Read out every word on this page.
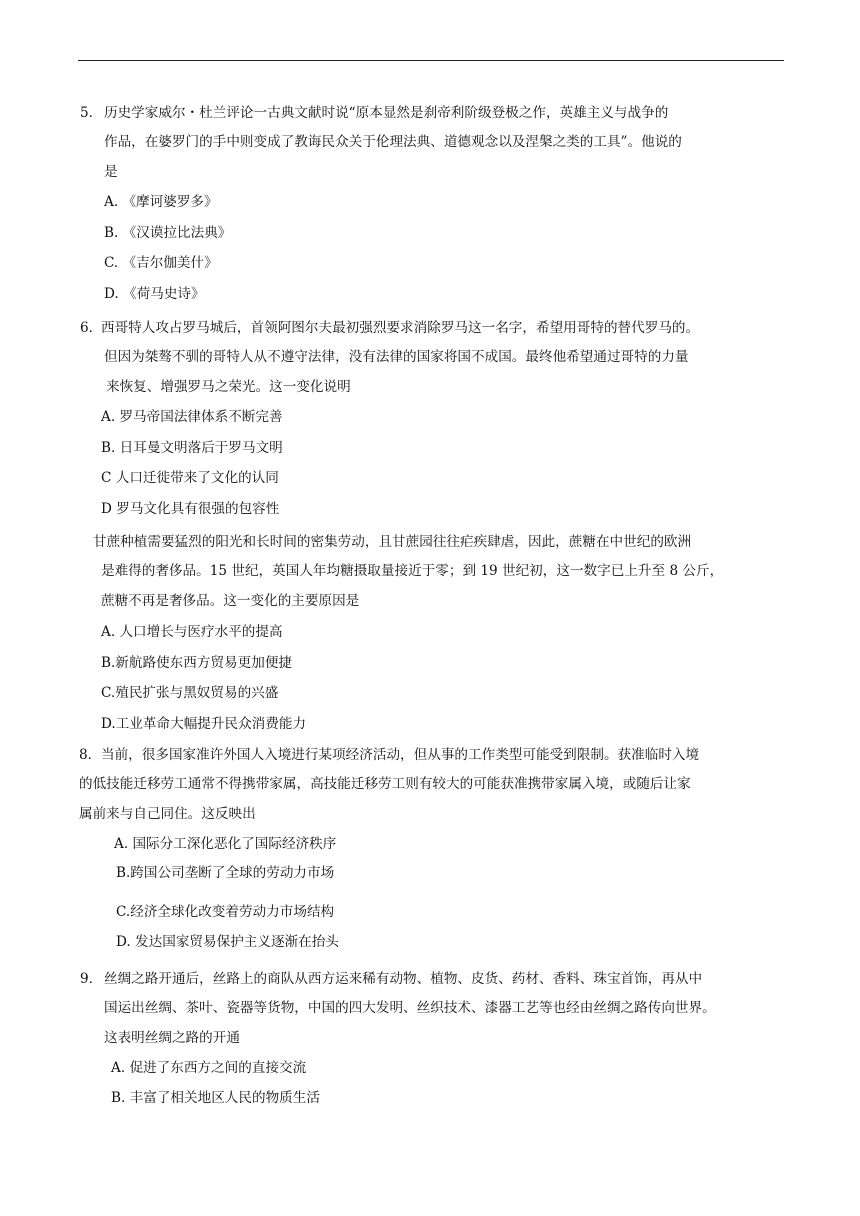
5． 历史学家威尔・杜兰评论一古典文献时说“原本显然是刹帝利阶级登极之作，英雄主义与战争的
作品，在婆罗门的手中则变成了教诲民众关于伦理法典、道德观念以及涅槃之类的工具”。他说的
是
A. 《摩诃婆罗多》
B. 《汉谟拉比法典》
C. 《吉尔伽美什》
D. 《荷马史诗》
6．
西哥特人攻占罗马城后，首领阿图尔夫最初强烈要求消除罗马这一名字，希望用哥特的替代罗马的。
但因为桀骜不驯的哥特人从不遵守法律，没有法律的国家将国不成国。最终他希望通过哥特的力量
来恢复、增强罗马之荣光。这一变化说明
A. 罗马帝国法律体系不断完善
B. 日耳曼文明落后于罗马文明
C 人口迁徙带来了文化的认同
D 罗马文化具有很强的包容性
甘蔗种植需要猛烈的阳光和长时间的密集劳动，且甘蔗园往往疟疾肆虐，因此，蔗糖在中世纪的欧洲
是难得的奢侈品。15 世纪，英国人年均糖摄取量接近于零；到 19 世纪初，这一数字已上升至 8 公斤，
蔗糖不再是奢侈品。这一变化的主要原因是
A. 人口增长与医疗水平的提高
B.新航路使东西方贸易更加便捷
C.殖民扩张与黑奴贸易的兴盛
D.工业革命大幅提升民众消费能力
8． 当前，很多国家准许外国人入境进行某项经济活动，但从事的工作类型可能受到限制。获准临时入境
的低技能迁移劳工通常不得携带家属，高技能迁移劳工则有较大的可能获准携带家属入境，或随后让家
属前来与自己同住。这反映出
A. 国际分工深化恶化了国际经济秩序
B.跨国公司垄断了全球的劳动力市场
C.经济全球化改变着劳动力市场结构
D. 发达国家贸易保护主义逐渐在抬头
9． 丝绸之路开通后，丝路上的商队从西方运来稀有动物、植物、皮货、药材、香料、珠宝首饰，再从中
国运出丝绸、茶叶、瓷器等货物，中国的四大发明、丝织技术、漆器工艺等也经由丝绸之路传向世界。
这表明丝绸之路的开通
A. 促进了东西方之间的直接交流
B. 丰富了相关地区人民的物质生活
